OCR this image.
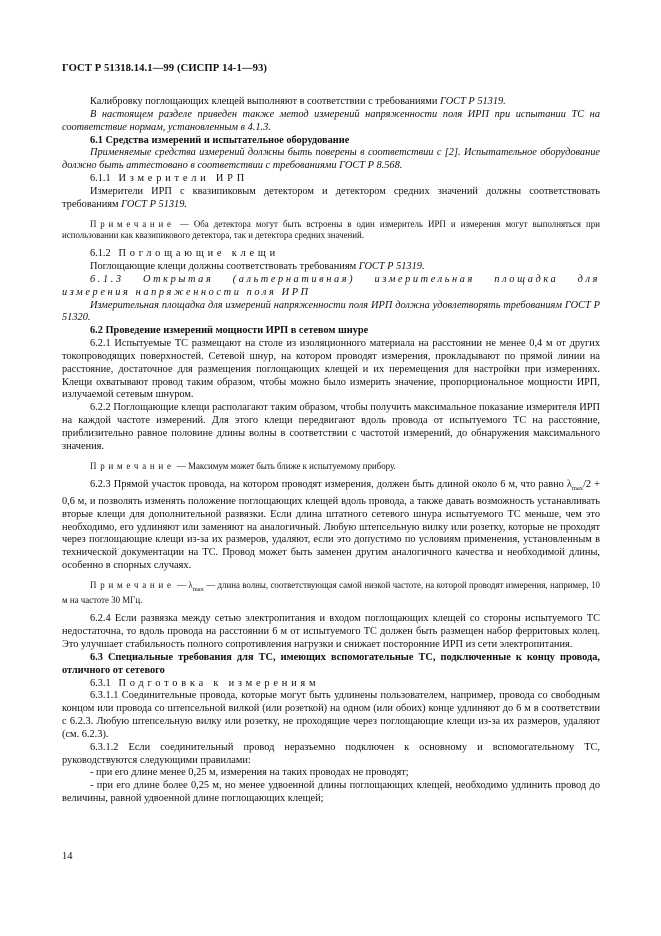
ГОСТ Р 51318.14.1—99 (СИСПР 14-1—93)

Калибровку поглощающих клещей выполняют в соответствии с требованиями ГОСТ Р 51319.

В настоящем разделе приведен также метод измерений напряженности поля ИРП при испытании ТС на соответствие нормам, установленным в 4.1.3.

6.1 Средства измерений и испытательное оборудование

Применяемые средства измерений должны быть поверены в соответствии с [2]. Испытательное оборудование должно быть аттестовано в соответствии с требованиями ГОСТ Р 8.568.

6.1.1 Измерители ИРП

Измерители ИРП с квазипиковым детектором и детектором средних значений должны соответствовать требованиям ГОСТ Р 51319.

Примечание — Оба детектора могут быть встроены в один измеритель ИРП и измерения могут выполняться при использовании как квазипикового детектора, так и детектора средних значений.

6.1.2 Поглощающие клещи

Поглощающие клещи должны соответствовать требованиям ГОСТ Р 51319.

6.1.3 Открытая (альтернативная) измерительная площадка для измерения напряженности поля ИРП

Измерительная площадка для измерений напряженности поля ИРП должна удовлетворять требованиям ГОСТ Р 51320.

6.2 Проведение измерений мощности ИРП в сетевом шнуре

6.2.1 Испытуемые ТС размещают на столе из изоляционного материала на расстоянии не менее 0,4 м от других токопроводящих поверхностей. Сетевой шнур, на котором проводят измерения, прокладывают по прямой линии на расстояние, достаточное для размещения поглощающих клещей и их перемещения для настройки при измерениях. Клещи охватывают провод таким образом, чтобы можно было измерить значение, пропорциональное мощности ИРП, излучаемой сетевым шнуром.

6.2.2 Поглощающие клещи располагают таким образом, чтобы получить максимальное показание измерителя ИРП на каждой частоте измерений. Для этого клещи передвигают вдоль провода от испытуемого ТС на расстояние, приблизительно равное половине длины волны в соответствии с частотой измерений, до обнаружения максимального значения.

Примечание — Максимум может быть ближе к испытуемому прибору.

6.2.3 Прямой участок провода, на котором проводят измерения, должен быть длиной около 6 м, что равно $\lambda_{max}/2 + 0,6$ м, и позволять изменять положение поглощающих клещей вдоль провода, а также давать возможность устанавливать вторые клещи для дополнительной развязки. Если длина штатного сетевого шнура испытуемого ТС меньше, чем это необходимо, его удлиняют или заменяют на аналогичный. Любую штепсельную вилку или розетку, которые не проходят через поглощающие клещи из-за их размеров, удаляют, если это допустимо по условиям применения, установленным в технической документации на ТС. Провод может быть заменен другим аналогичного качества и необходимой длины, особенно в спорных случаях.

Примечание — $\lambda_{max}$ — длина волны, соответствующая самой низкой частоте, на которой проводят измерения, например, 10 м на частоте 30 МГц.

6.2.4 Если развязка между сетью электропитания и входом поглощающих клещей со стороны испытуемого ТС недостаточна, то вдоль провода на расстоянии 6 м от испытуемого ТС должен быть размещен набор ферритовых колец. Это улучшает стабильность полного сопротивления нагрузки и снижает посторонние ИРП из сети электропитания.

6.3 Специальные требования для ТС, имеющих вспомогательные ТС, подключенные к концу провода, отличного от сетевого

6.3.1 Подготовка к измерениям

6.3.1.1 Соединительные провода, которые могут быть удлинены пользователем, например, провода со свободным концом или провода со штепсельной вилкой (или розеткой) на одном (или обоих) конце удлиняют до 6 м в соответствии с 6.2.3. Любую штепсельную вилку или розетку, не проходящие через поглощающие клещи из-за их размеров, удаляют (см. 6.2.3).

6.3.1.2 Если соединительный провод неразъемно подключен к основному и вспомогательному ТС, руководствуются следующими правилами:

- при его длине менее 0,25 м, измерения на таких проводах не проводят;

- при его длине более 0,25 м, но менее удвоенной длины поглощающих клещей, необходимо удлинить провод до величины, равной удвоенной длине поглощающих клещей;

14
